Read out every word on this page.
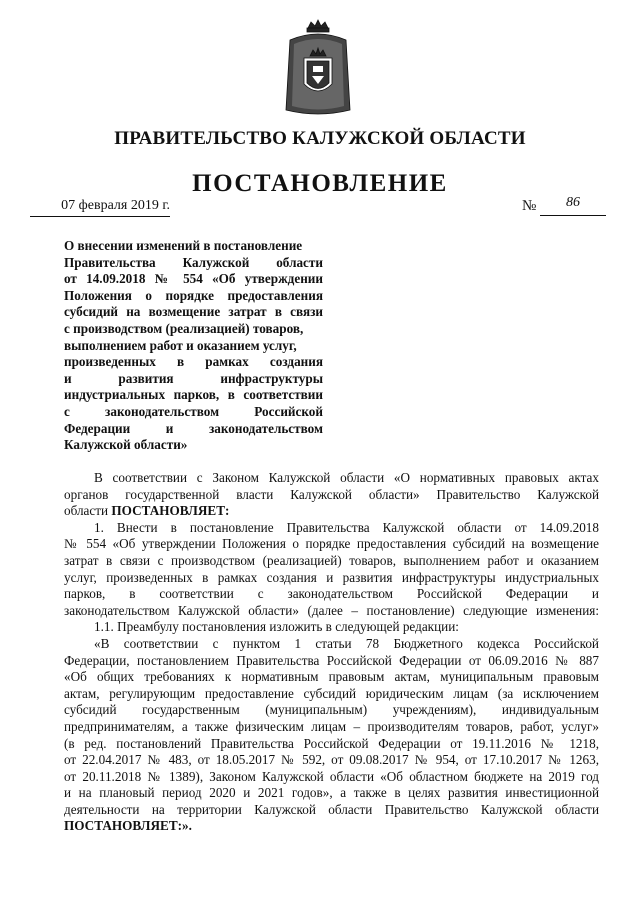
ПРАВИТЕЛЬСТВО КАЛУЖСКОЙ ОБЛАСТИ
ПОСТАНОВЛЕНИЕ
07 февраля 2019 г.	№	86
О внесении изменений в постановление
Правительства Калужской области
от 14.09.2018 № 554 «Об утверждении
Положения о порядке предоставления
субсидий на возмещение затрат в связи
с производством (реализацией) товаров,
выполнением работ и оказанием услуг,
произведенных в рамках создания
и развития инфраструктуры
индустриальных парков, в соответствии
с законодательством Российской
Федерации и законодательством
Калужской области»
В соответствии с Законом Калужской области «О нормативных правовых актах
органов государственной власти Калужской области» Правительство Калужской
области ПОСТАНОВЛЯЕТ:
1. Внести в постановление Правительства Калужской области от 14.09.2018
№ 554 «Об утверждении Положения о порядке предоставления субсидий на возмещение
затрат в связи с производством (реализацией) товаров, выполнением работ и оказанием
услуг, произведенных в рамках создания и развития инфраструктуры индустриальных
парков, в соответствии с законодательством Российской Федерации и
законодательством Калужской области» (далее – постановление) следующие изменения:
1.1. Преамбулу постановления изложить в следующей редакции:
«В соответствии с пунктом 1 статьи 78 Бюджетного кодекса Российской
Федерации, постановлением Правительства Российской Федерации от 06.09.2016 № 887
«Об общих требованиях к нормативным правовым актам, муниципальным правовым
актам, регулирующим предоставление субсидий юридическим лицам (за исключением
субсидий государственным (муниципальным) учреждениям), индивидуальным
предпринимателям, а также физическим лицам – производителям товаров, работ, услуг»
(в ред. постановлений Правительства Российской Федерации от 19.11.2016 № 1218,
от 22.04.2017 № 483, от 18.05.2017 № 592, от 09.08.2017 № 954, от 17.10.2017 № 1263,
от 20.11.2018 № 1389), Законом Калужской области «Об областном бюджете на 2019 год
и на плановый период 2020 и 2021 годов», а также в целях развития инвестиционной
деятельности на территории Калужской области Правительство Калужской области
ПОСТАНОВЛЯЕТ:».
